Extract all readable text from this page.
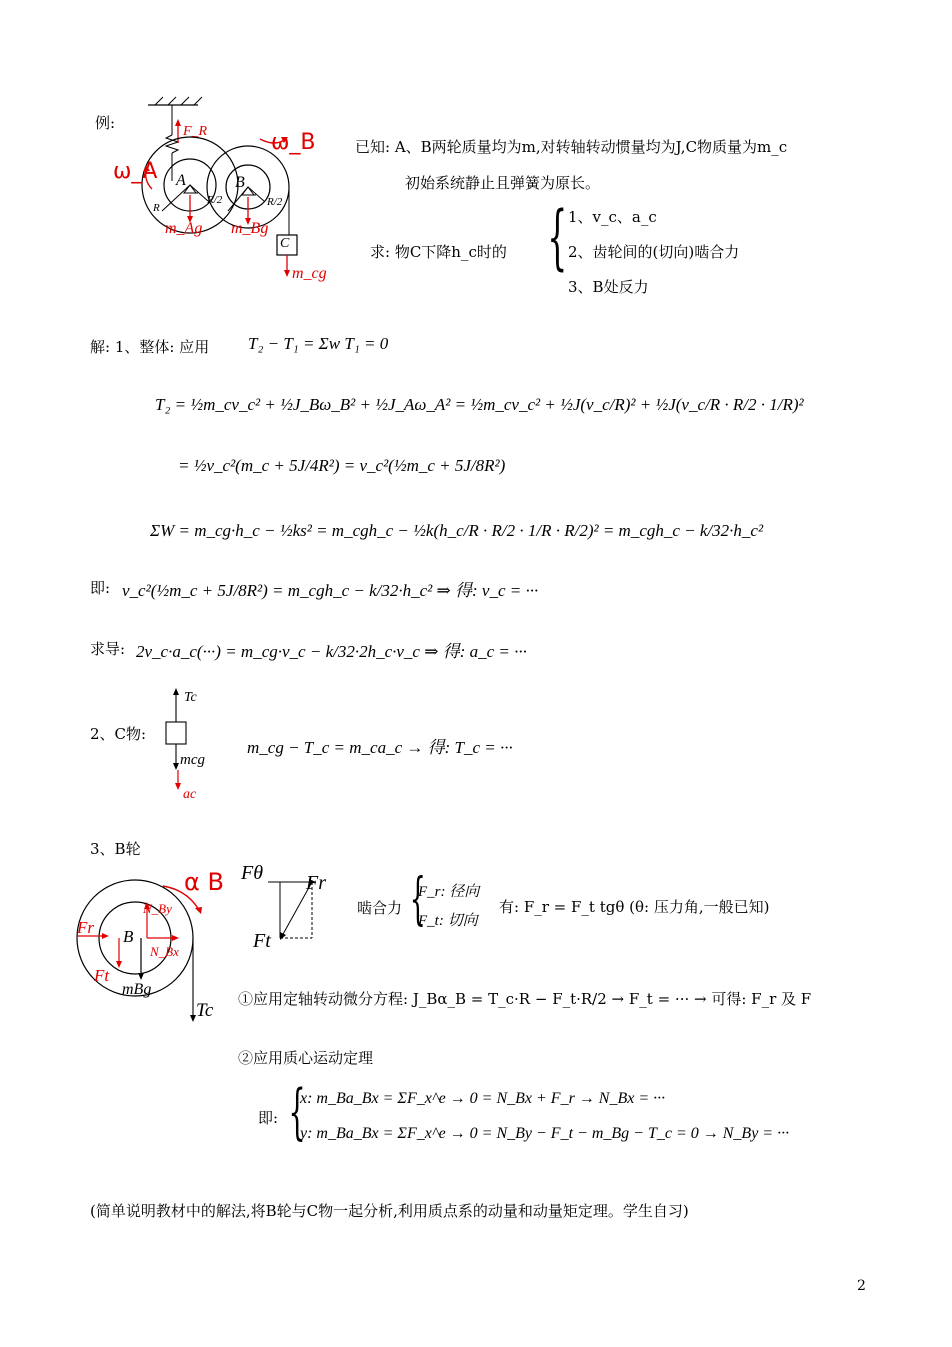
例:	F_R	ω_B
ω_A A	B
R
R/2	R/2
m_Ag m_Bg
C
m_cg
已知: A、B两轮质量均为m,对转轴转动惯量均为J,C物质量为m_c
初始系统静止且弹簧为原长。
求: 物C下降h_c时的 { 1、v_c、a_c
2、齿轮间的(切向)啮合力
3、B处反力
解: 1、整体: 应用 T₂ − T₁ = Σw T₁ = 0
T₂ = ½m_cv_c² + ½J_Bω_B² + ½J_Aω_A² = ½m_cv_c² + ½J(v_c/R)² + ½J(v_c/R · R/2 · 1/R)²
= ½v_c²(m_c + 5J/4R²) = v_c²(½m_c + 5J/8R²)
ΣW = m_cg·h_c − ½ks² = m_cgh_c − ½k(h_c/R · R/2 · 1/R · R/2)² = m_cgh_c − k/32·h_c²
即: v_c²(½m_c + 5J/8R²) = m_cgh_c − k/32·h_c² ⇒ 得: v_c = ···
求导: 2v_c·a_c(···) = m_cg·v_c − k/32·2h_c·v_c ⇒ 得: a_c = ···
Tc
mcg
ac
2、C物:
m_cg − T_c = m_ca_c → 得: T_c = ···
3、B轮
α B
N_By
Fr B
N_Bx
Ft
mBg
Tc
Fθ Fr
Ft
啮合力 {
F_r: 径向
F_t: 切向
有: F_r = F_t tgθ (θ: 压力角,一般已知)
①应用定轴转动微分方程: J_Bα_B = T_c·R − F_t·R/2 → F_t = ··· → 可得: F_r 及 F
②应用质心运动定理
即: {
x: m_Ba_Bx = ΣF_x^e → 0 = N_Bx + F_r → N_Bx = ···
y: m_Ba_Bx = ΣF_x^e → 0 = N_By − F_t − m_Bg − T_c = 0 → N_By = ···
(简单说明教材中的解法,将B轮与C物一起分析,利用质点系的动量和动量矩定理。学生自习)
2
